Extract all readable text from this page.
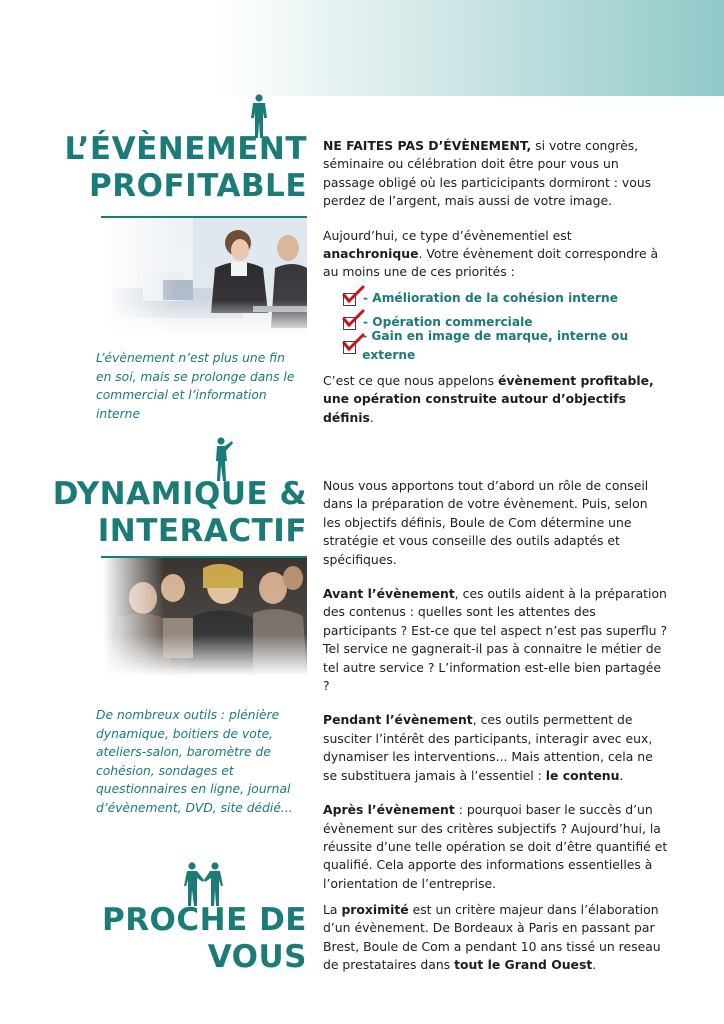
L’ÉVÈNEMENT
PROFITABLE
L’évènement n’est plus une fin en soi, mais se prolonge dans le commercial et l’information interne

NE FAITES PAS D’ÉVÈNEMENT, si votre congrès, séminaire ou célébration doit être pour vous un passage obligé où les particicipants dormiront : vous perdez de l’argent, mais aussi de votre image.

Aujourd’hui, ce type d’évènementiel est anachronique. Votre évènement doit correspondre à au moins une de ces priorités :

- Amélioration de la cohésion interne
- Opération commerciale
- Gain en image de marque, interne ou externe

C’est ce que nous appelons évènement profitable, une opération construite autour d’objectifs définis.

DYNAMIQUE &
INTERACTIF
De nombreux outils : plénière dynamique, boitiers de vote, ateliers-salon, baromètre de cohésion, sondages et questionnaires en ligne, journal d’évènement, DVD, site dédié...

Nous vous apportons tout d’abord un rôle de conseil dans la préparation de votre évènement. Puis, selon les objectifs définis, Boule de Com détermine une stratégie et vous conseille des outils adaptés et spécifiques.

Avant l’évènement, ces outils aident à la préparation des contenus : quelles sont les attentes des participants ? Est-ce que tel aspect n’est pas superflu ? Tel service ne gagnerait-il pas à connaitre le métier de tel autre service ? L’information est-elle bien partagée ?

Pendant l’évènement, ces outils permettent de susciter l’intérêt des participants, interagir avec eux, dynamiser les interventions... Mais attention, cela ne se substituera jamais à l’essentiel : le contenu.

Après l’évènement : pourquoi baser le succès d’un évènement sur des critères subjectifs ? Aujourd’hui, la réussite d’une telle opération se doit d’être quantifié et qualifié. Cela apporte des informations essentielles à l’orientation de l’entreprise.

PROCHE DE
VOUS

La proximité est un critère majeur dans l’élaboration d’un évènement. De Bordeaux à Paris en passant par Brest, Boule de Com a pendant 10 ans tissé un reseau de prestataires dans tout le Grand Ouest.
